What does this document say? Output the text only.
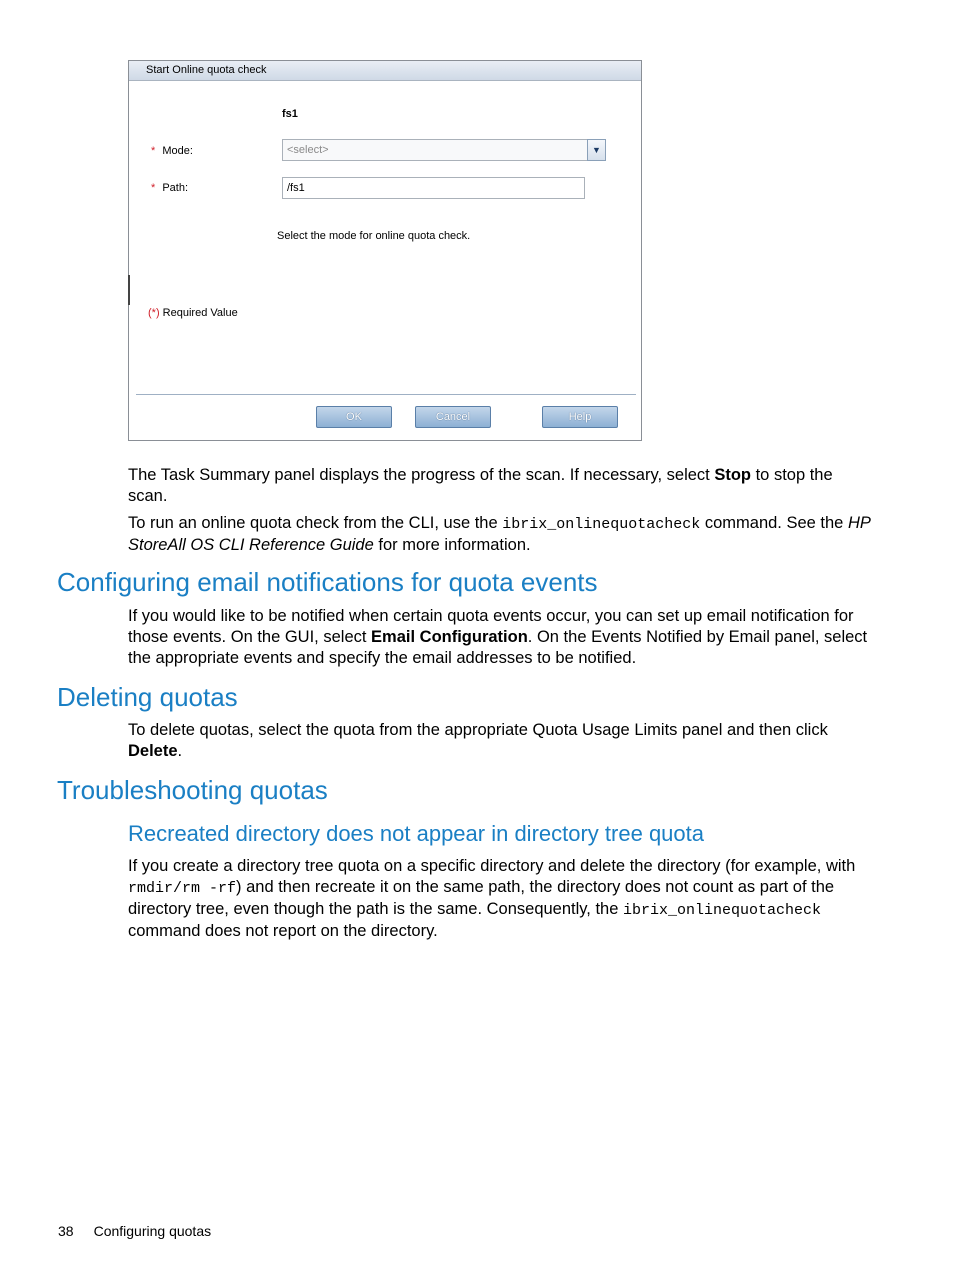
Start Online quota check
fs1
* Mode:	<select>	▼
* Path:	/fs1
Select the mode for online quota check.
(*) Required Value
OK	Cancel	Help
The Task Summary panel displays the progress of the scan. If necessary, select Stop to stop the scan.
To run an online quota check from the CLI, use the ibrix_onlinequotacheck command. See the HP StoreAll OS CLI Reference Guide for more information.
Configuring email notifications for quota events
If you would like to be notified when certain quota events occur, you can set up email notification for those events. On the GUI, select Email Configuration. On the Events Notified by Email panel, select the appropriate events and specify the email addresses to be notified.
Deleting quotas
To delete quotas, select the quota from the appropriate Quota Usage Limits panel and then click Delete.
Troubleshooting quotas
Recreated directory does not appear in directory tree quota
If you create a directory tree quota on a specific directory and delete the directory (for example, with rmdir/rm -rf) and then recreate it on the same path, the directory does not count as part of the directory tree, even though the path is the same. Consequently, the ibrix_onlinequotacheck command does not report on the directory.
38 Configuring quotas
